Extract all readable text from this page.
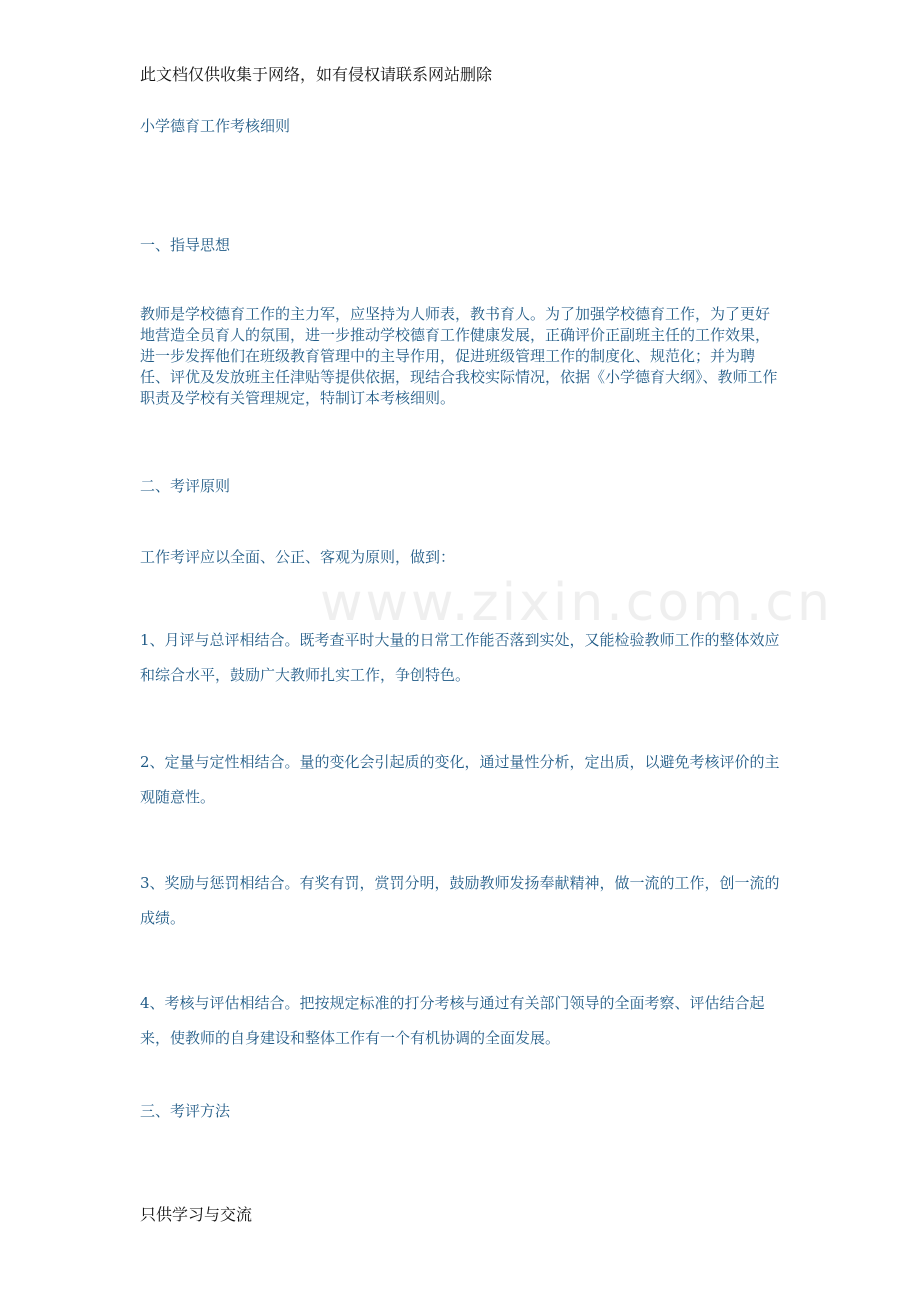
此文档仅供收集于网络，如有侵权请联系网站删除

小学德育工作考核细则

一、指导思想

教师是学校德育工作的主力军，应坚持为人师表，教书育人。为了加强学校德育工作，为了更好地营造全员育人的氛围，进一步推动学校德育工作健康发展，正确评价正副班主任的工作效果，进一步发挥他们在班级教育管理中的主导作用，促进班级管理工作的制度化、规范化；并为聘任、评优及发放班主任津贴等提供依据，现结合我校实际情况，依据《小学德育大纲》、教师工作职责及学校有关管理规定，特制订本考核细则。

二、考评原则

工作考评应以全面、公正、客观为原则，做到：

1、月评与总评相结合。既考查平时大量的日常工作能否落到实处，又能检验教师工作的整体效应和综合水平，鼓励广大教师扎实工作，争创特色。

2、定量与定性相结合。量的变化会引起质的变化，通过量性分析，定出质，以避免考核评价的主观随意性。

3、奖励与惩罚相结合。有奖有罚，赏罚分明，鼓励教师发扬奉献精神，做一流的工作，创一流的成绩。

4、考核与评估相结合。把按规定标准的打分考核与通过有关部门领导的全面考察、评估结合起来，使教师的自身建设和整体工作有一个有机协调的全面发展。

三、考评方法

www.zixin.com.cn
只供学习与交流
